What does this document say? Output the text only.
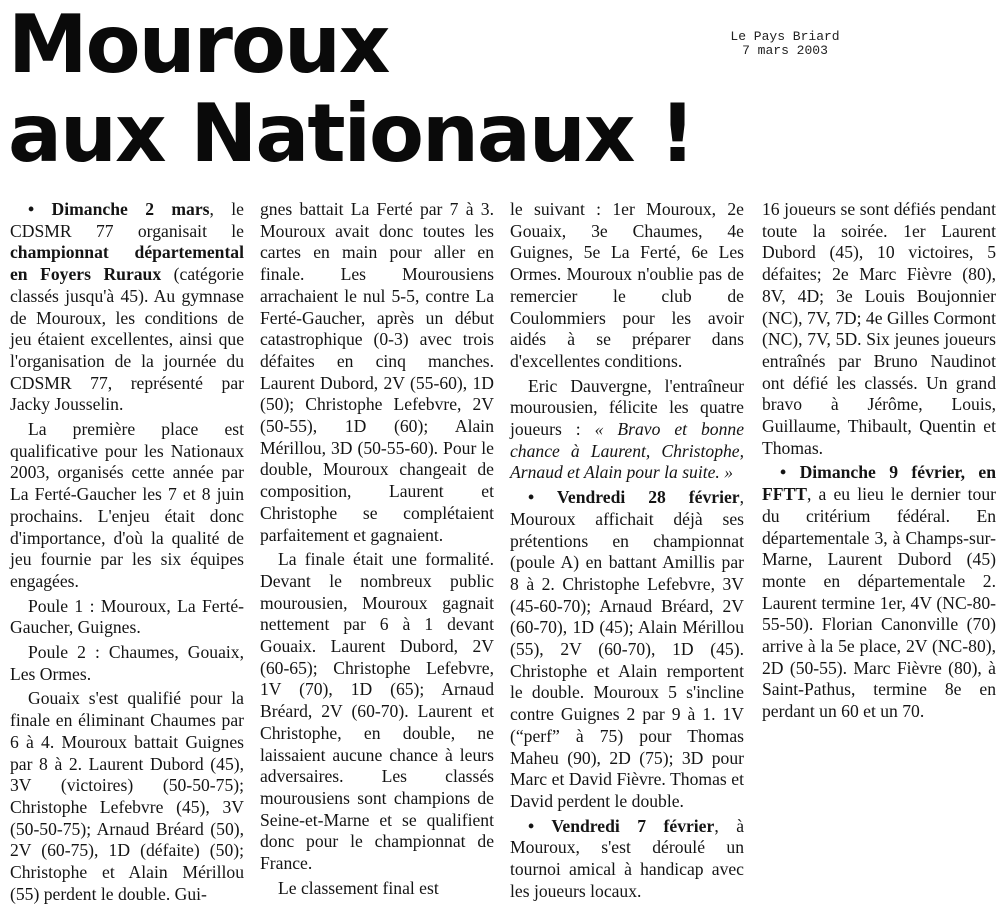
Mouroux
aux Nationaux !
Le Pays Briard
7 mars 2003

• Dimanche 2 mars, le CDSMR 77 organisait le championnat départemental en Foyers Ruraux (catégorie classés jusqu'à 45). Au gymnase de Mouroux, les conditions de jeu étaient excellentes, ainsi que l'organisation de la journée du CDSMR 77, représenté par Jacky Jousselin.

La première place est qualificative pour les Nationaux 2003, organisés cette année par La Ferté-Gaucher les 7 et 8 juin prochains. L'enjeu était donc d'importance, d'où la qualité de jeu fournie par les six équipes engagées.

Poule 1 : Mouroux, La Ferté-Gaucher, Guignes.

Poule 2 : Chaumes, Gouaix, Les Ormes.

Gouaix s'est qualifié pour la finale en éliminant Chaumes par 6 à 4. Mouroux battait Guignes par 8 à 2. Laurent Dubord (45), 3V (victoires) (50-50-75); Christophe Lefebvre (45), 3V (50-50-75); Arnaud Bréard (50), 2V (60-75), 1D (défaite) (50); Christophe et Alain Mérillou (55) perdent le double. Gui-

gnes battait La Ferté par 7 à 3. Mouroux avait donc toutes les cartes en main pour aller en finale. Les Mourousiens arrachaient le nul 5-5, contre La Ferté-Gaucher, après un début catastrophique (0-3) avec trois défaites en cinq manches. Laurent Dubord, 2V (55-60), 1D (50); Christophe Lefebvre, 2V (50-55), 1D (60); Alain Mérillou, 3D (50-55-60). Pour le double, Mouroux changeait de composition, Laurent et Christophe se complétaient parfaitement et gagnaient.

La finale était une formalité. Devant le nombreux public mourousien, Mouroux gagnait nettement par 6 à 1 devant Gouaix. Laurent Dubord, 2V (60-65); Christophe Lefebvre, 1V (70), 1D (65); Arnaud Bréard, 2V (60-70). Laurent et Christophe, en double, ne laissaient aucune chance à leurs adversaires. Les classés mourousiens sont champions de Seine-et-Marne et se qualifient donc pour le championnat de France.

Le classement final est

le suivant : 1er Mouroux, 2e Gouaix, 3e Chaumes, 4e Guignes, 5e La Ferté, 6e Les Ormes. Mouroux n'oublie pas de remercier le club de Coulommiers pour les avoir aidés à se préparer dans d'excellentes conditions.

Eric Dauvergne, l'entraîneur mourousien, félicite les quatre joueurs : « Bravo et bonne chance à Laurent, Christophe, Arnaud et Alain pour la suite. »

• Vendredi 28 février, Mouroux affichait déjà ses prétentions en championnat (poule A) en battant Amillis par 8 à 2. Christophe Lefebvre, 3V (45-60-70); Arnaud Bréard, 2V (60-70), 1D (45); Alain Mérillou (55), 2V (60-70), 1D (45). Christophe et Alain remportent le double. Mouroux 5 s'incline contre Guignes 2 par 9 à 1. 1V (“perf” à 75) pour Thomas Maheu (90), 2D (75); 3D pour Marc et David Fièvre. Thomas et David perdent le double.

• Vendredi 7 février, à Mouroux, s'est déroulé un tournoi amical à handicap avec les joueurs locaux.

16 joueurs se sont défiés pendant toute la soirée. 1er Laurent Dubord (45), 10 victoires, 5 défaites; 2e Marc Fièvre (80), 8V, 4D; 3e Louis Boujonnier (NC), 7V, 7D; 4e Gilles Cormont (NC), 7V, 5D. Six jeunes joueurs entraînés par Bruno Naudinot ont défié les classés. Un grand bravo à Jérôme, Louis, Guillaume, Thibault, Quentin et Thomas.

• Dimanche 9 février, en FFTT, a eu lieu le dernier tour du critérium fédéral. En départementale 3, à Champs-sur-Marne, Laurent Dubord (45) monte en départementale 2. Laurent termine 1er, 4V (NC-80-55-50). Florian Canonville (70) arrive à la 5e place, 2V (NC-80), 2D (50-55). Marc Fièvre (80), à Saint-Pathus, termine 8e en perdant un 60 et un 70.
